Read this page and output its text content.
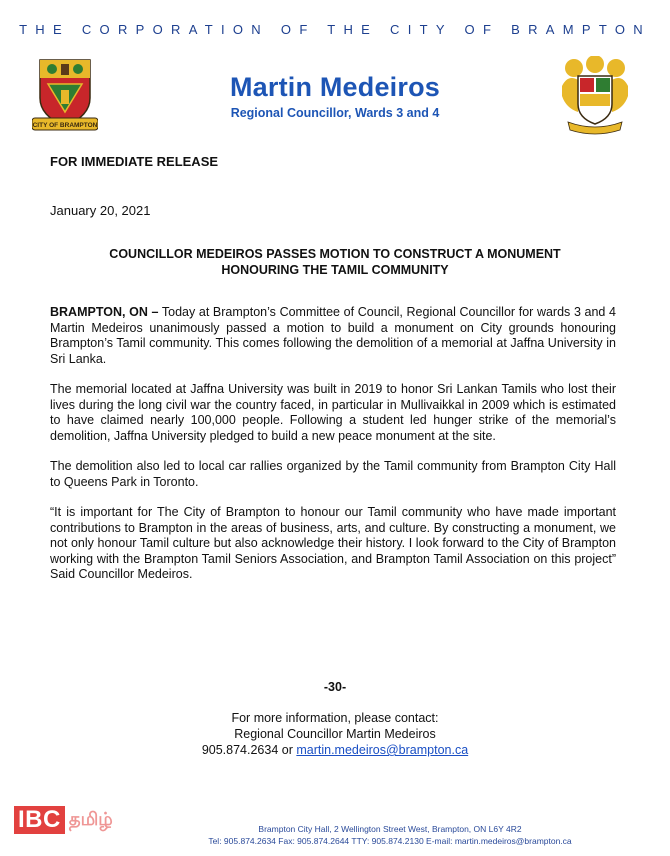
THE CORPORATION OF THE CITY OF BRAMPTON
CITY OF BRAMPTON
Martin Medeiros
Regional Councillor, Wards 3 and 4
FOR IMMEDIATE RELEASE
January 20, 2021
COUNCILLOR MEDEIROS PASSES MOTION TO CONSTRUCT A MONUMENT
HONOURING THE TAMIL COMMUNITY

BRAMPTON, ON – Today at Brampton’s Committee of Council, Regional Councillor for wards 3 and 4 Martin Medeiros unanimously passed a motion to build a monument on City grounds honouring Brampton’s Tamil community. This comes following the demolition of a memorial at Jaffna University in Sri Lanka.

The memorial located at Jaffna University was built in 2019 to honor Sri Lankan Tamils who lost their lives during the long civil war the country faced, in particular in Mullivaikkal in 2009 which is estimated to have claimed nearly 100,000 people. Following a student led hunger strike of the memorial’s demolition, Jaffna University pledged to build a new peace monument at the site.

The demolition also led to local car rallies organized by the Tamil community from Brampton City Hall to Queens Park in Toronto.

“It is important for The City of Brampton to honour our Tamil community who have made important contributions to Brampton in the areas of business, arts, and culture. By constructing a monument, we not only honour Tamil culture but also acknowledge their history. I look forward to the City of Brampton working with the Brampton Tamil Seniors Association, and Brampton Tamil Association on this project” Said Councillor Medeiros.

-30-
For more information, please contact:
Regional Councillor Martin Medeiros
905.874.2634 or martin.medeiros@brampton.ca
IBC தமிழ்	Brampton City Hall, 2 Wellington Street West, Brampton, ON L6Y 4R2
Tel: 905.874.2634 Fax: 905.874.2644 TTY: 905.874.2130 E-mail: martin.medeiros@brampton.ca
